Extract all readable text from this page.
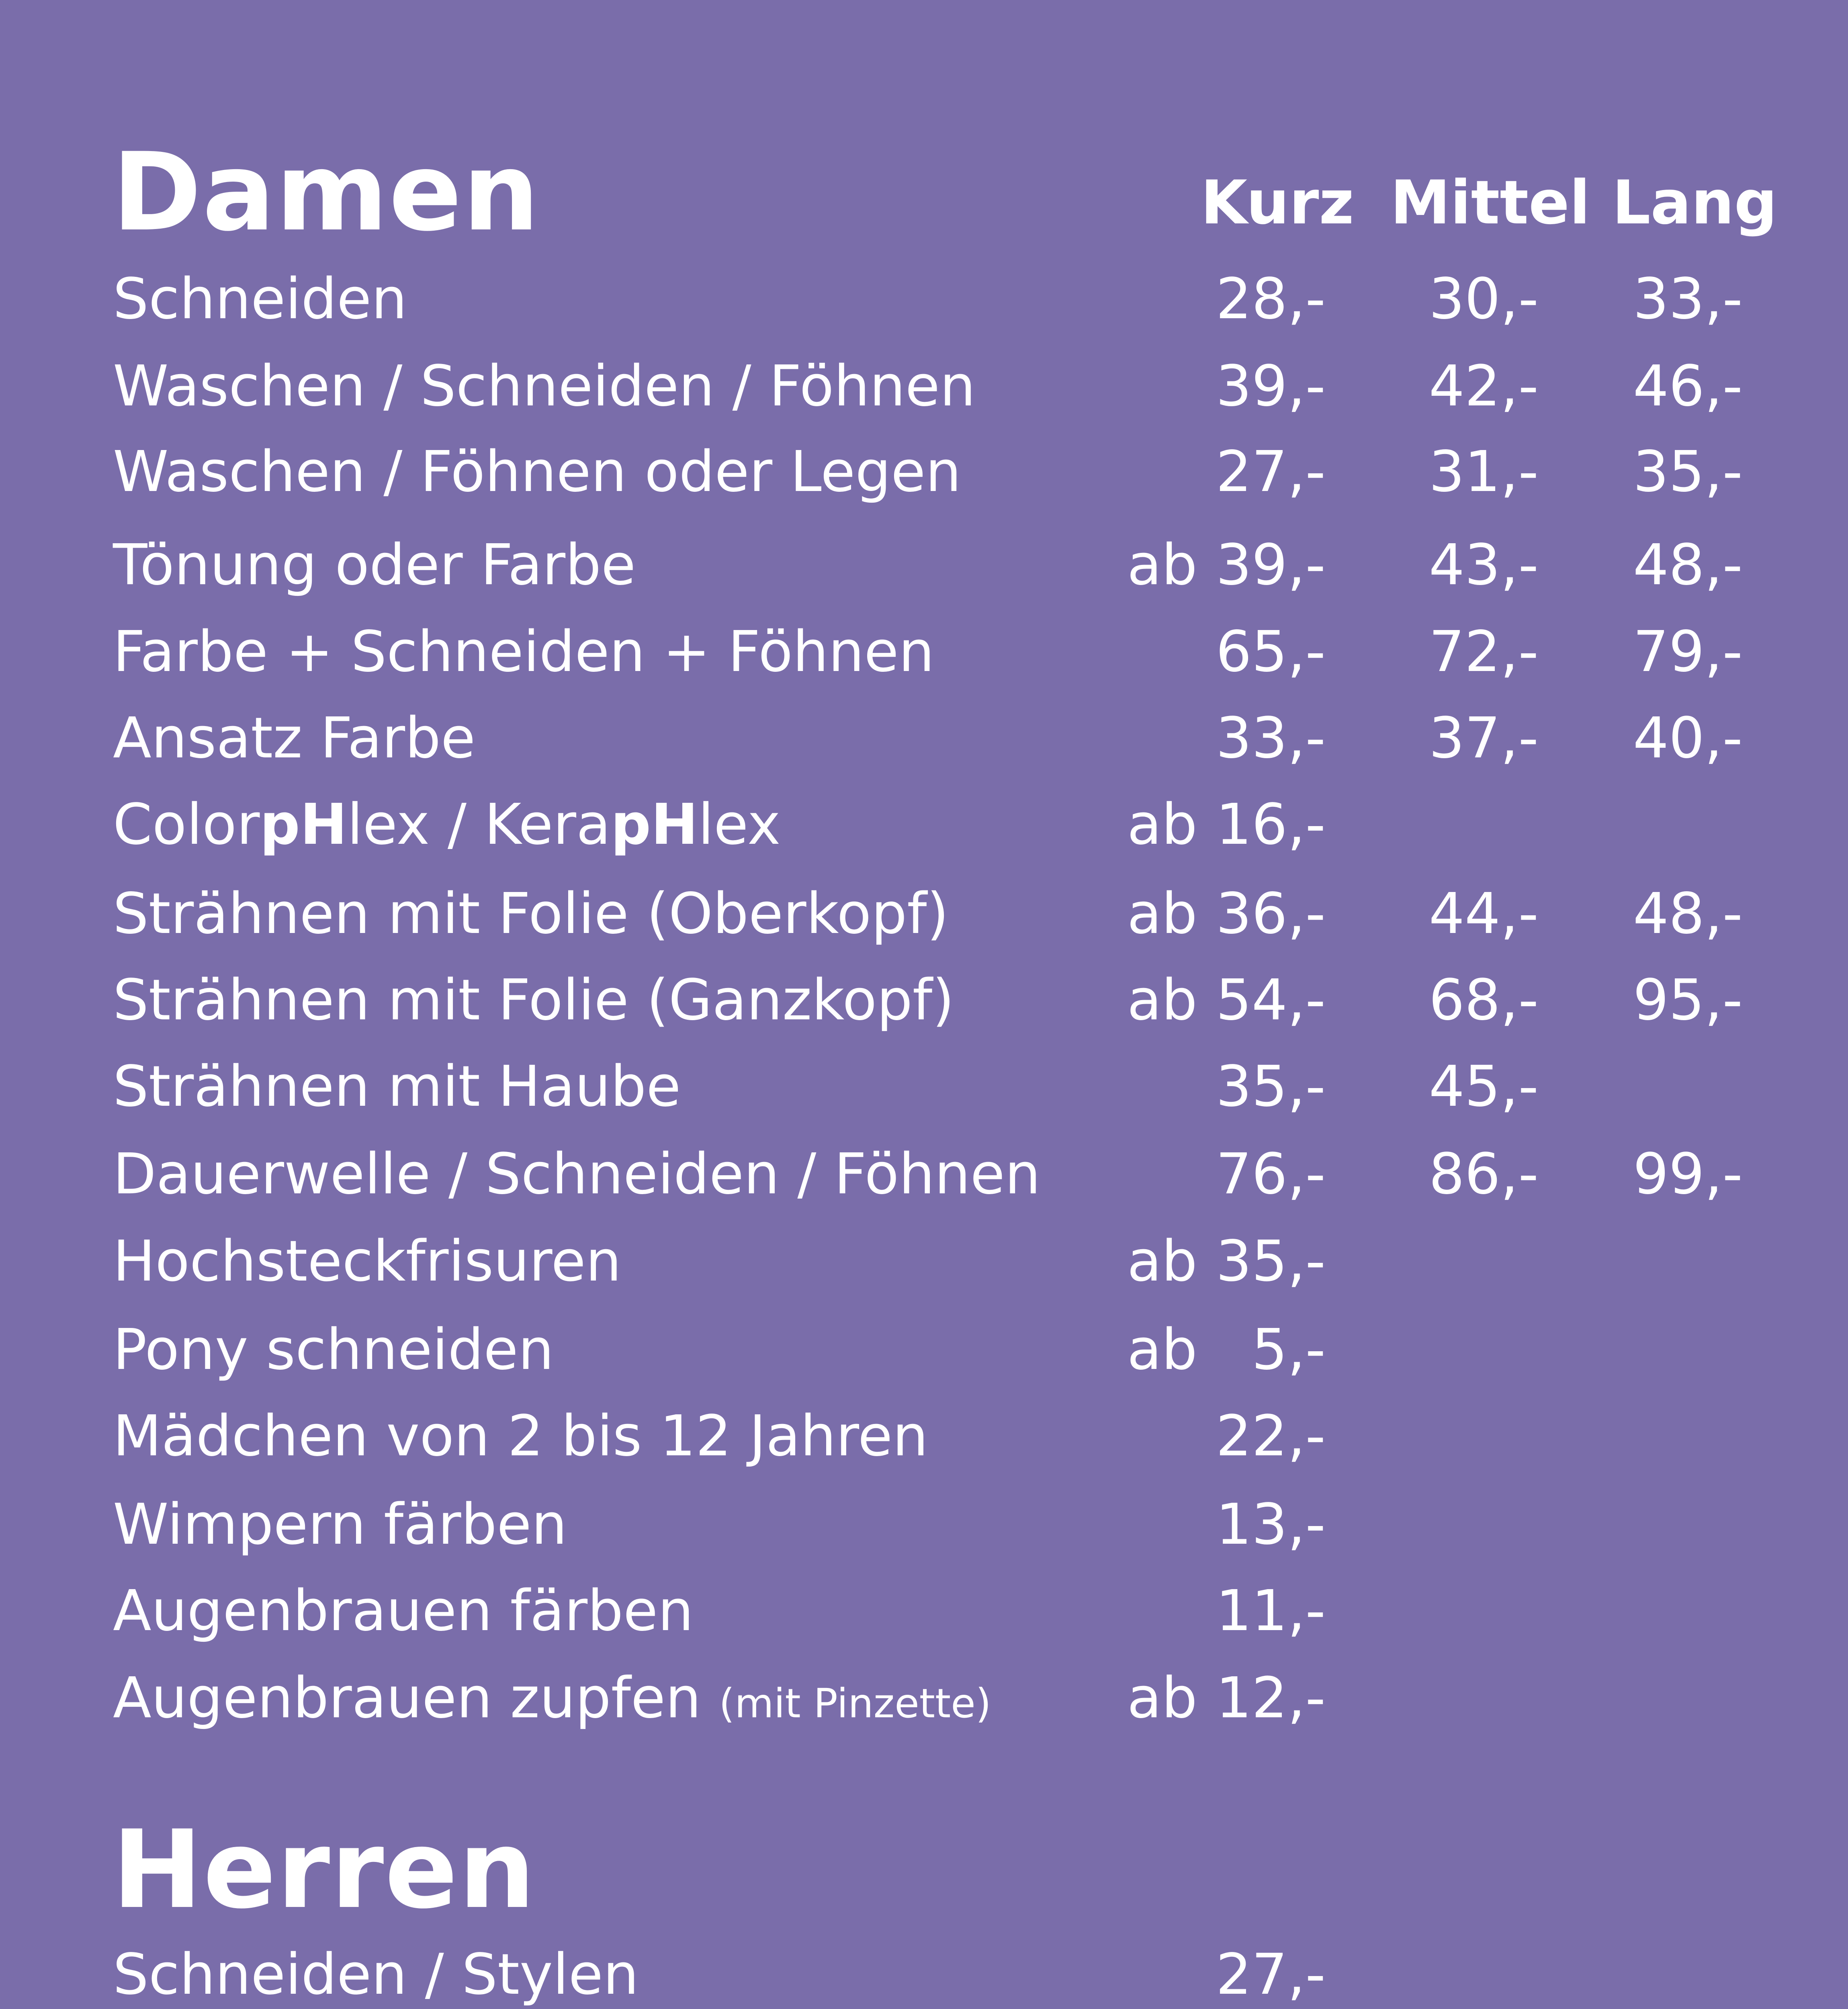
Damen	Kurz Mittel Lang
Schneiden	28,- 30,- 33,-
Waschen / Schneiden / Föhnen	39,- 42,- 46,-
Waschen / Föhnen oder Legen	27,- 31,- 35,-
Tönung oder Farbe	ab 39,- 43,- 48,-
Farbe + Schneiden + Föhnen	65,- 72,- 79,-
Ansatz Farbe	33,- 37,- 40,-
ColorpHlex / KerapHlex	ab 16,-
Strähnen mit Folie (Oberkopf)	ab 36,- 44,- 48,-
Strähnen mit Folie (Ganzkopf)	ab 54,- 68,- 95,-
Strähnen mit Haube	35,- 45,-
Dauerwelle / Schneiden / Föhnen	76,- 86,- 99,-
Hochsteckfrisuren	ab 35,-
Pony schneiden	ab 5,-
Mädchen von 2 bis 12 Jahren	22,-
Wimpern färben	13,-
Augenbrauen färben	11,-
Augenbrauen zupfen (mit Pinzette) ab 12,-
Herren
Schneiden / Stylen	27,-
